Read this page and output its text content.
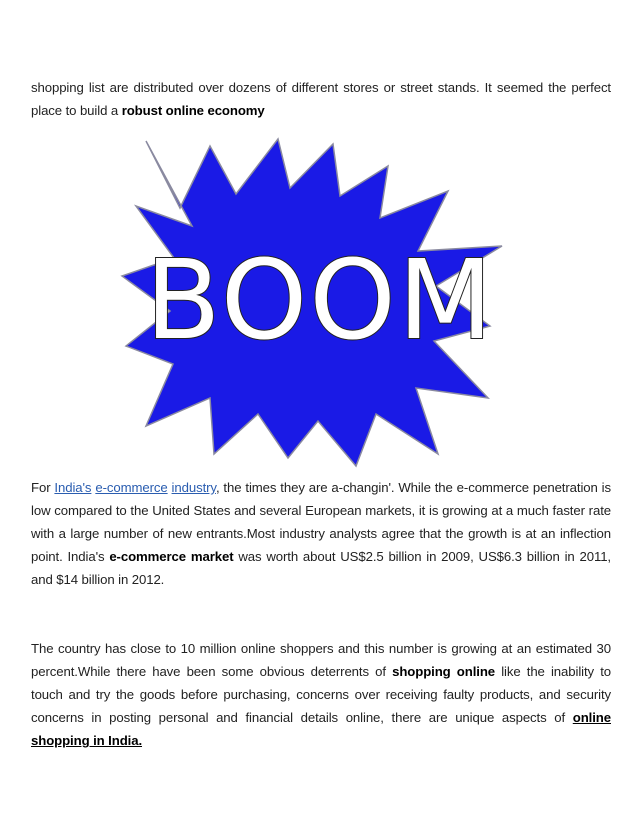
shopping list are distributed over dozens of different stores or street stands. It seemed the perfect place to build a robust online economy
BOOM
For India's e-commerce industry, the times they are a-changin'. While the e-commerce penetration is low compared to the United States and several European markets, it is growing at a much faster rate with a large number of new entrants.Most industry analysts agree that the growth is at an inflection point. India's e-commerce market was worth about US$2.5 billion in 2009, US$6.3 billion in 2011, and $14 billion in 2012.
The country has close to 10 million online shoppers and this number is growing at an estimated 30 percent.While there have been some obvious deterrents of shopping online like the inability to touch and try the goods before purchasing, concerns over receiving faulty products, and security concerns in posting personal and financial details online, there are unique aspects of online shopping in India.
